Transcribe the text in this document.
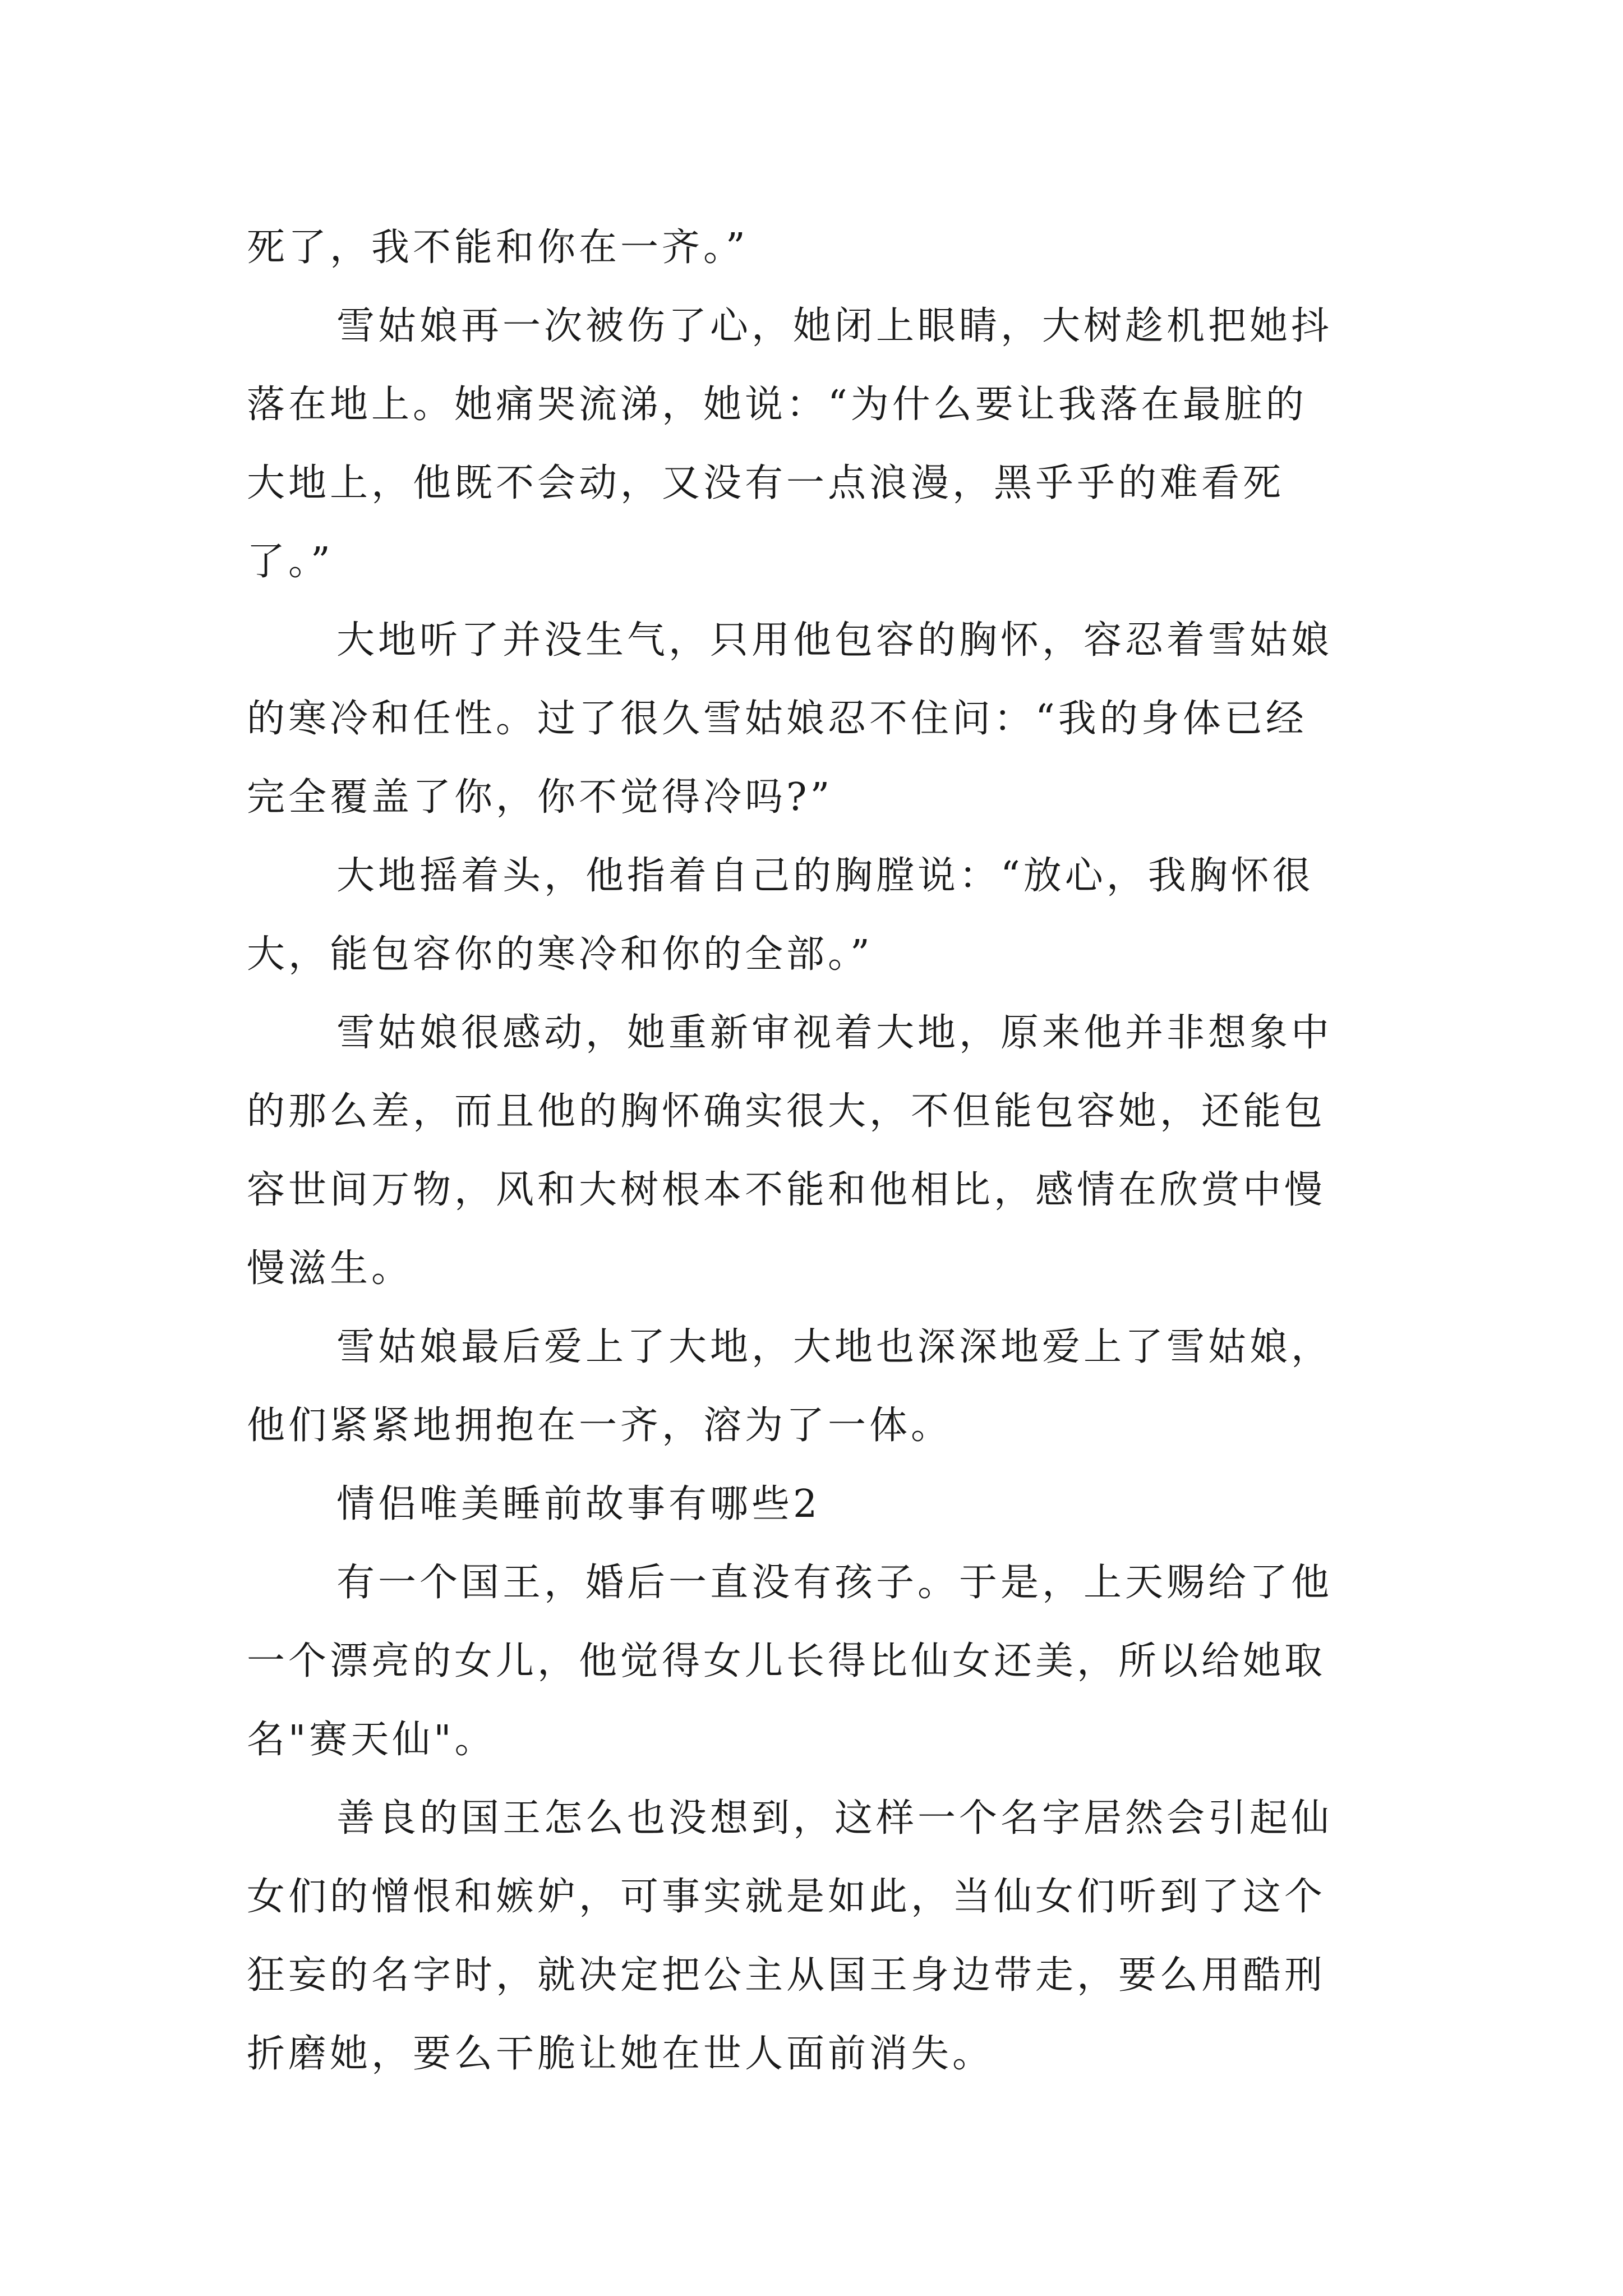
死了，我不能和你在一齐。”
雪姑娘再一次被伤了心，她闭上眼睛，大树趁机把她抖
落在地上。她痛哭流涕，她说：“为什么要让我落在最脏的
大地上，他既不会动，又没有一点浪漫，黑乎乎的难看死
了。”
大地听了并没生气，只用他包容的胸怀，容忍着雪姑娘
的寒冷和任性。过了很久雪姑娘忍不住问：“我的身体已经
完全覆盖了你，你不觉得冷吗?”
大地摇着头，他指着自己的胸膛说：“放心，我胸怀很
大，能包容你的寒冷和你的全部。”
雪姑娘很感动，她重新审视着大地，原来他并非想象中
的那么差，而且他的胸怀确实很大，不但能包容她，还能包
容世间万物，风和大树根本不能和他相比，感情在欣赏中慢
慢滋生。
雪姑娘最后爱上了大地，大地也深深地爱上了雪姑娘，
他们紧紧地拥抱在一齐，溶为了一体。
情侣唯美睡前故事有哪些2
有一个国王，婚后一直没有孩子。于是，上天赐给了他
一个漂亮的女儿，他觉得女儿长得比仙女还美，所以给她取
名"赛天仙"。
善良的国王怎么也没想到，这样一个名字居然会引起仙
女们的憎恨和嫉妒，可事实就是如此，当仙女们听到了这个
狂妄的名字时，就决定把公主从国王身边带走，要么用酷刑
折磨她，要么干脆让她在世人面前消失。
